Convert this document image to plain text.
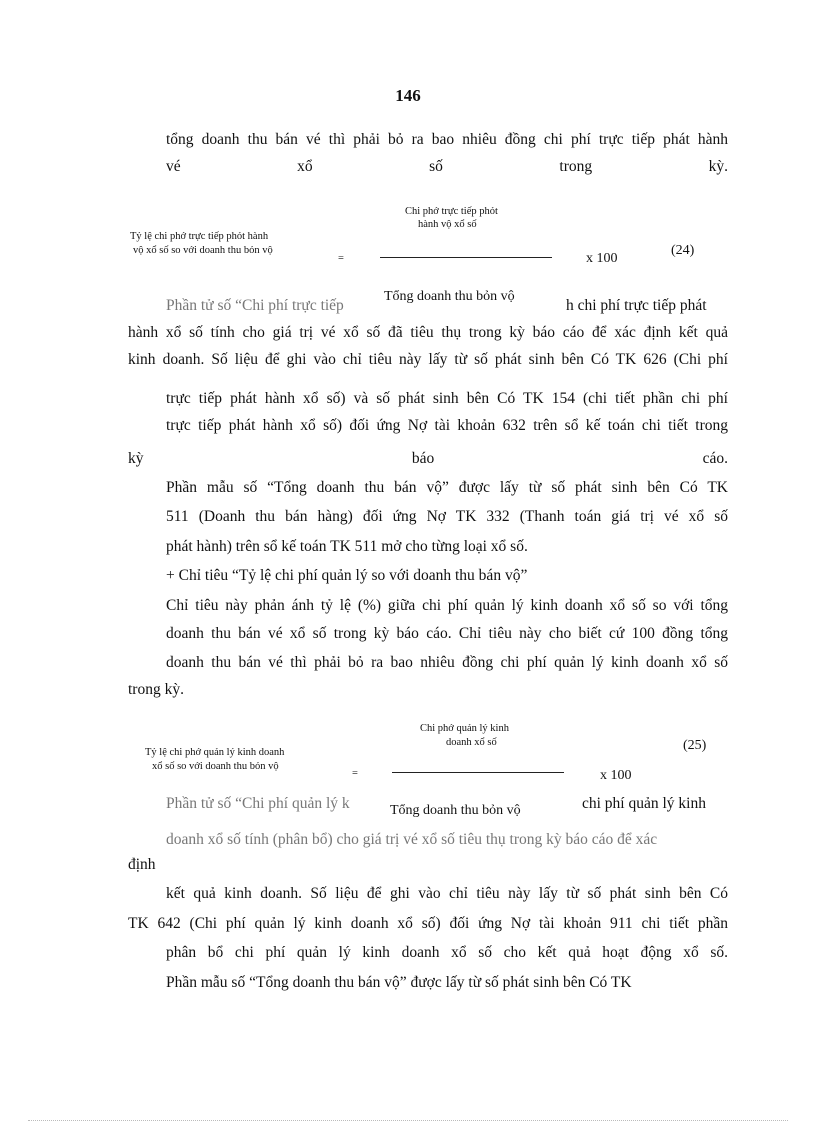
146
tổng doanh thu bán vé thì phải bỏ ra bao nhiêu đồng chi phí trực tiếp phát hành
vé	xổ	số	trong	kỳ.
Chi phớ trực tiếp phỏt
hành vộ xổ số
Tỷ lệ chi phớ trực tiếp phỏt hành
vộ xổ số so với doanh thu bỏn vộ
=	x 100
(24)
Phần tử số “Chi phí trực tiếp
Tổng doanh thu bỏn vộ
h chi phí trực tiếp phát
hành xổ số tính cho giá trị vé xổ số đã tiêu thụ trong kỳ báo cáo để xác định kết quả
kinh doanh. Số liệu để ghi vào chỉ tiêu này lấy từ số phát sinh bên Có TK 626 (Chi phí
trực tiếp phát hành xổ số) và số phát sinh bên Có TK 154 (chi tiết phần chi phí
trực tiếp phát hành xổ số) đối ứng Nợ tài khoản 632 trên sổ kế toán chi tiết trong
kỳ	báo	cáo.
Phần mẫu số “Tổng doanh thu bán vộ” được lấy từ số phát sinh bên Có TK
511 (Doanh thu bán hàng) đối ứng Nợ TK 332 (Thanh toán giá trị vé xổ số
phát hành) trên sổ kế toán TK 511 mở cho từng loại xổ số.
+ Chỉ tiêu “Tỷ lệ chi phí quản lý so với doanh thu bán vộ”
Chỉ tiêu này phản ánh tỷ lệ (%) giữa chi phí quản lý kinh doanh xổ số so với tổng
doanh thu bán vé xổ số trong kỳ báo cáo. Chỉ tiêu này cho biết cứ 100 đồng tổng
doanh thu bán vé thì phải bỏ ra bao nhiêu đồng chi phí quản lý kinh doanh xổ số
trong kỳ.
Chi phớ quản lý kinh
doanh xổ số	(25)
Tỷ lệ chi phớ quản lý kinh doanh
xổ số so với doanh thu bỏn vộ
=	x 100
Phần tử số “Chi phí quản lý k	Tổng doanh thu bỏn vộ	chi phí quản lý kinh
doanh xổ số tính (phân bổ) cho giá trị vé xổ số tiêu thụ trong kỳ báo cáo để xác
định
kết quả kinh doanh. Số liệu để ghi vào chỉ tiêu này lấy từ số phát sinh bên Có
TK 642 (Chi phí quản lý kinh doanh xổ số) đối ứng Nợ tài khoản 911 chi tiết phần
phân bổ chi phí quản lý kinh doanh xổ số cho kết quả hoạt động xổ số.
Phần mẫu số “Tổng doanh thu bán vộ” được lấy từ số phát sinh bên Có TK
